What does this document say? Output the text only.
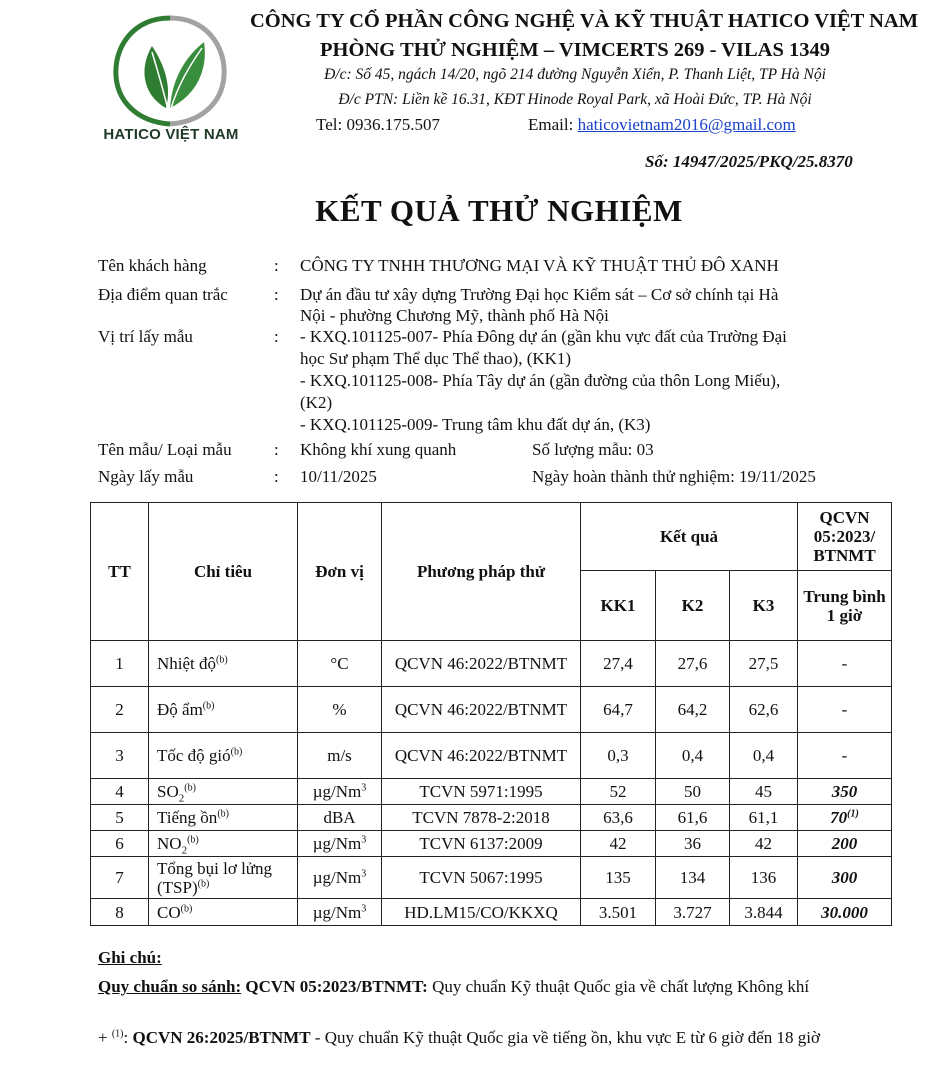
HATICO VIỆT NAM
CÔNG TY CỔ PHẦN CÔNG NGHỆ VÀ KỸ THUẬT HATICO VIỆT NAM
PHÒNG THỬ NGHIỆM – VIMCERTS 269 - VILAS 1349
Đ/c: Số 45, ngách 14/20, ngõ 214 đường Nguyễn Xiển, P. Thanh Liệt, TP Hà Nội
Đ/c PTN: Liền kề 16.31, KĐT Hinode Royal Park, xã Hoài Đức, TP. Hà Nội
Tel: 0936.175.507	Email: haticovietnam2016@gmail.com
Số: 14947/2025/PKQ/25.8370
KẾT QUẢ THỬ NGHIỆM
Tên khách hàng	: CÔNG TY TNHH THƯƠNG MẠI VÀ KỸ THUẬT THỦ ĐÔ XANH
Địa điểm quan trắc	: Dự án đầu tư xây dựng Trường Đại học Kiểm sát – Cơ sở chính tại Hà
Nội - phường Chương Mỹ, thành phố Hà Nội
Vị trí lấy mẫu	: - KXQ.101125-007- Phía Đông dự án (gần khu vực đất của Trường Đại
học Sư phạm Thể dục Thể thao), (KK1)
- KXQ.101125-008- Phía Tây dự án (gần đường của thôn Long Miếu),
(K2)
- KXQ.101125-009- Trung tâm khu đất dự án, (K3)
Tên mẫu/ Loại mẫu : Không khí xung quanh	Số lượng mẫu: 03
Ngày lấy mẫu	: 10/11/2025	Ngày hoàn thành thử nghiệm: 19/11/2025
TT	Chỉ tiêu	Đơn vị	Phương pháp thử	Kết quả			QCVN 05:2023/ BTNMT
				KK1	K2	K3	Trung bình 1 giờ
1	Nhiệt độ$^{(b)}$	°C	QCVN 46:2022/BTNMT	27,4	27,6	27,5	-
2	Độ ẩm$^{(b)}$	%	QCVN 46:2022/BTNMT	64,7	64,2	62,6	-
3	Tốc độ gió$^{(b)}$	m/s	QCVN 46:2022/BTNMT	0,3	0,4	0,4	-
4	$SO_2^{(b)}$	µg/Nm$^3$	TCVN 5971:1995	52	50	45	350
5	Tiếng ồn$^{(b)}$	dBA	TCVN 7878-2:2018	63,6	61,6	61,1	70$^{(1)}$
6	$NO_2^{(b)}$	µg/Nm$^3$	TCVN 6137:2009	42	36	42	200
7	Tổng bụi lơ lửng (TSP)$^{(b)}$	µg/Nm$^3$	TCVN 5067:1995	135	134	136	300
8	CO$^{(b)}$	µg/Nm$^3$	HD.LM15/CO/KKXQ	3.501	3.727	3.844	30.000
Ghi chú:
Quy chuẩn so sánh: QCVN 05:2023/BTNMT: Quy chuẩn Kỹ thuật Quốc gia về chất lượng Không khí
+ $^{(1)}$: QCVN 26:2025/BTNMT - Quy chuẩn Kỹ thuật Quốc gia về tiếng ồn, khu vực E từ 6 giờ đến 18 giờ
